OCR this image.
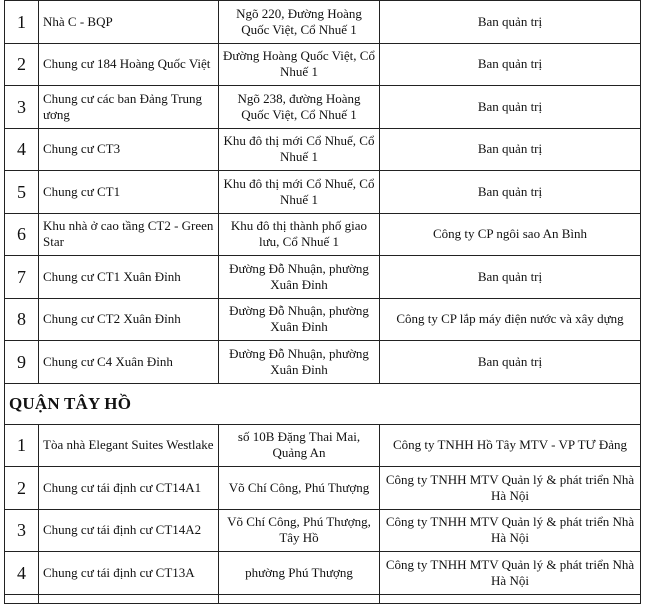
1	Nhà C - BQP	Ngõ 220, Đường Hoàng Quốc Việt, Cổ Nhuế 1	Ban quản trị
2	Chung cư 184 Hoàng Quốc Việt	Đường Hoàng Quốc Việt, Cổ Nhuế 1	Ban quản trị
3	Chung cư các ban Đảng Trung ương	Ngõ 238, đường Hoàng Quốc Việt, Cổ Nhuế 1	Ban quản trị
4	Chung cư CT3	Khu đô thị mới Cổ Nhuế, Cổ Nhuế 1	Ban quản trị
5	Chung cư CT1	Khu đô thị mới Cổ Nhuế, Cổ Nhuế 1	Ban quản trị
6	Khu nhà ở cao tầng CT2 - Green Star	Khu đô thị thành phố giao lưu, Cổ Nhuế 1	Công ty CP ngôi sao An Bình
7	Chung cư CT1 Xuân Đỉnh	Đường Đỗ Nhuận, phường Xuân Đỉnh	Ban quản trị
8	Chung cư CT2 Xuân Đỉnh	Đường Đỗ Nhuận, phường Xuân Đỉnh	Công ty CP lắp máy điện nước và xây dựng
9	Chung cư C4 Xuân Đỉnh	Đường Đỗ Nhuận, phường Xuân Đỉnh	Ban quản trị
QUẬN TÂY HỒ			
1	Tòa nhà Elegant Suites Westlake	số 10B Đặng Thai Mai, Quảng An	Công ty TNHH Hồ Tây MTV - VP TƯ Đảng
2	Chung cư tái định cư CT14A1	Võ Chí Công, Phú Thượng	Công ty TNHH MTV Quản lý & phát triển Nhà Hà Nội
3	Chung cư tái định cư CT14A2	Võ Chí Công, Phú Thượng, Tây Hồ	Công ty TNHH MTV Quản lý & phát triển Nhà Hà Nội
4	Chung cư tái định cư CT13A	phường Phú Thượng	Công ty TNHH MTV Quản lý & phát triển Nhà Hà Nội
